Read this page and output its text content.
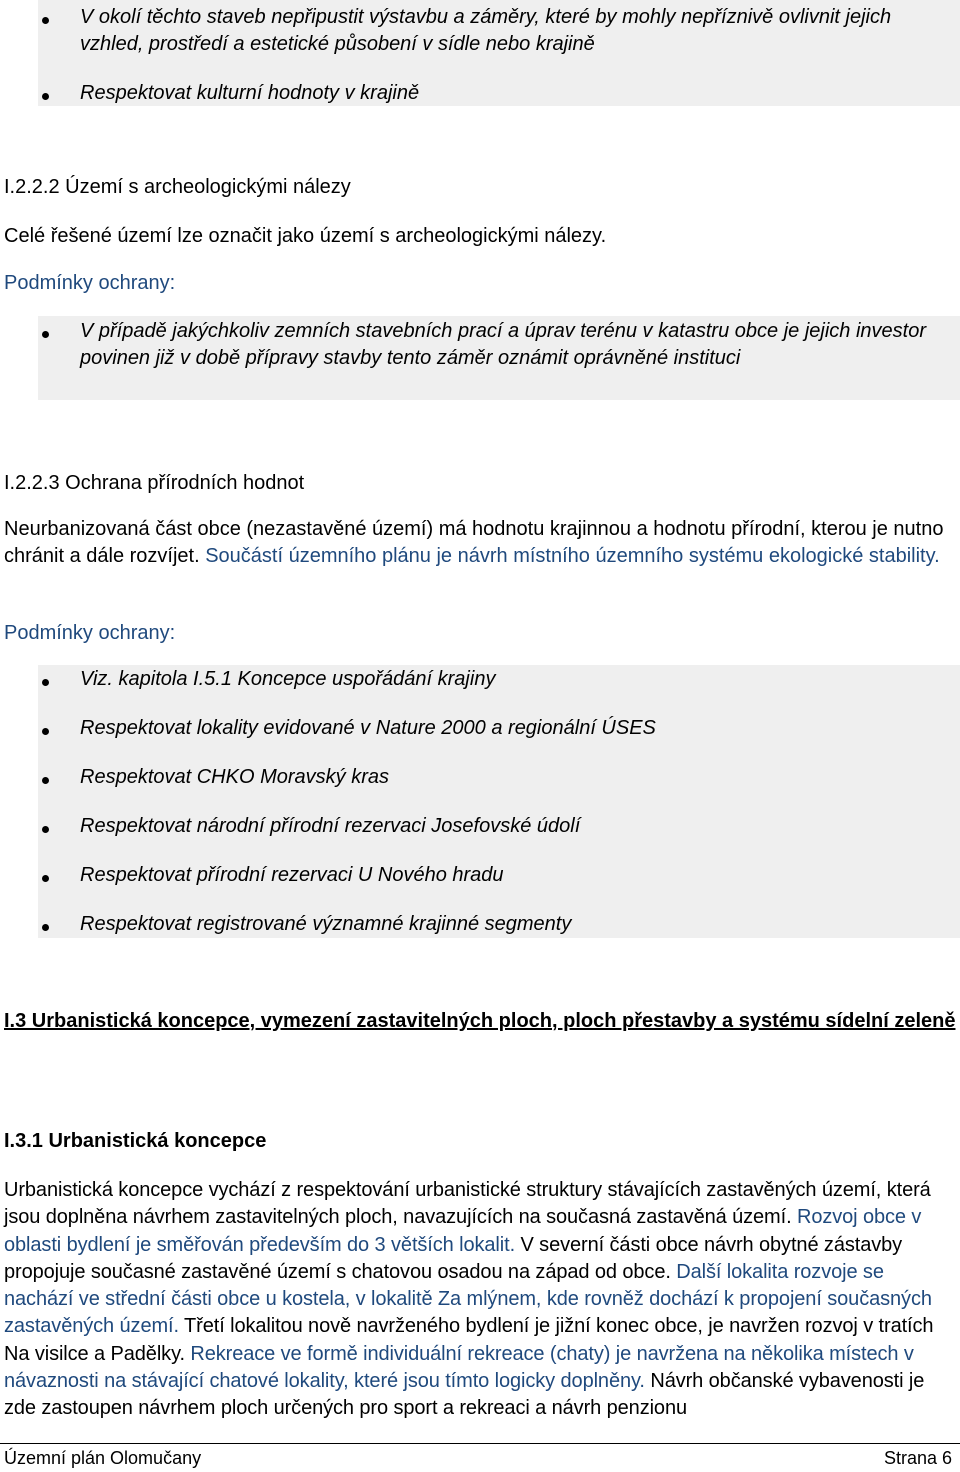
V okolí těchto staveb nepřipustit výstavbu a záměry, které by mohly nepříznivě ovlivnit jejich vzhled, prostředí a estetické působení v sídle nebo krajině
Respektovat kulturní hodnoty v krajině
I.2.2.2 Území s archeologickými nálezy
Celé řešené území lze označit jako území s archeologickými nálezy.
Podmínky ochrany:
V případě jakýchkoliv zemních stavebních prací a úprav terénu v katastru obce je jejich investor povinen již v době přípravy stavby tento záměr oznámit oprávněné instituci
I.2.2.3 Ochrana přírodních hodnot
Neurbanizovaná část obce (nezastavěné území) má hodnotu krajinnou a hodnotu přírodní, kterou je nutno chránit a dále rozvíjet. Součástí územního plánu je návrh místního územního systému ekologické stability.
Podmínky ochrany:
Viz. kapitola I.5.1 Koncepce uspořádání krajiny
Respektovat lokality evidované v Nature 2000 a regionální ÚSES
Respektovat CHKO Moravský kras
Respektovat národní přírodní rezervaci Josefovské údolí
Respektovat přírodní rezervaci U Nového hradu
Respektovat registrované významné krajinné segmenty
I.3 Urbanistická koncepce, vymezení zastavitelných ploch, ploch přestavby a systému sídelní zeleně
I.3.1 Urbanistická koncepce
Urbanistická koncepce vychází z respektování urbanistické struktury stávajících zastavěných území, která jsou doplněna návrhem zastavitelných ploch, navazujících na současná zastavěná území. Rozvoj obce v oblasti bydlení je směřován především do 3 větších lokalit. V severní části obce návrh obytné zástavby propojuje současné zastavěné území s chatovou osadou na západ od obce. Další lokalita rozvoje se nachází ve střední části obce u kostela, v lokalitě Za mlýnem, kde rovněž dochází k propojení současných zastavěných území. Třetí lokalitou nově navrženého bydlení je jižní konec obce, je navržen rozvoj v tratích Na visilce a Padělky. Rekreace ve formě individuální rekreace (chaty) je navržena na několika místech v návaznosti na stávající chatové lokality, které jsou tímto logicky doplněny. Návrh občanské vybavenosti je zde zastoupen návrhem ploch určených pro sport a rekreaci a návrh penzionu
Územní plán Olomučany	Strana 6
